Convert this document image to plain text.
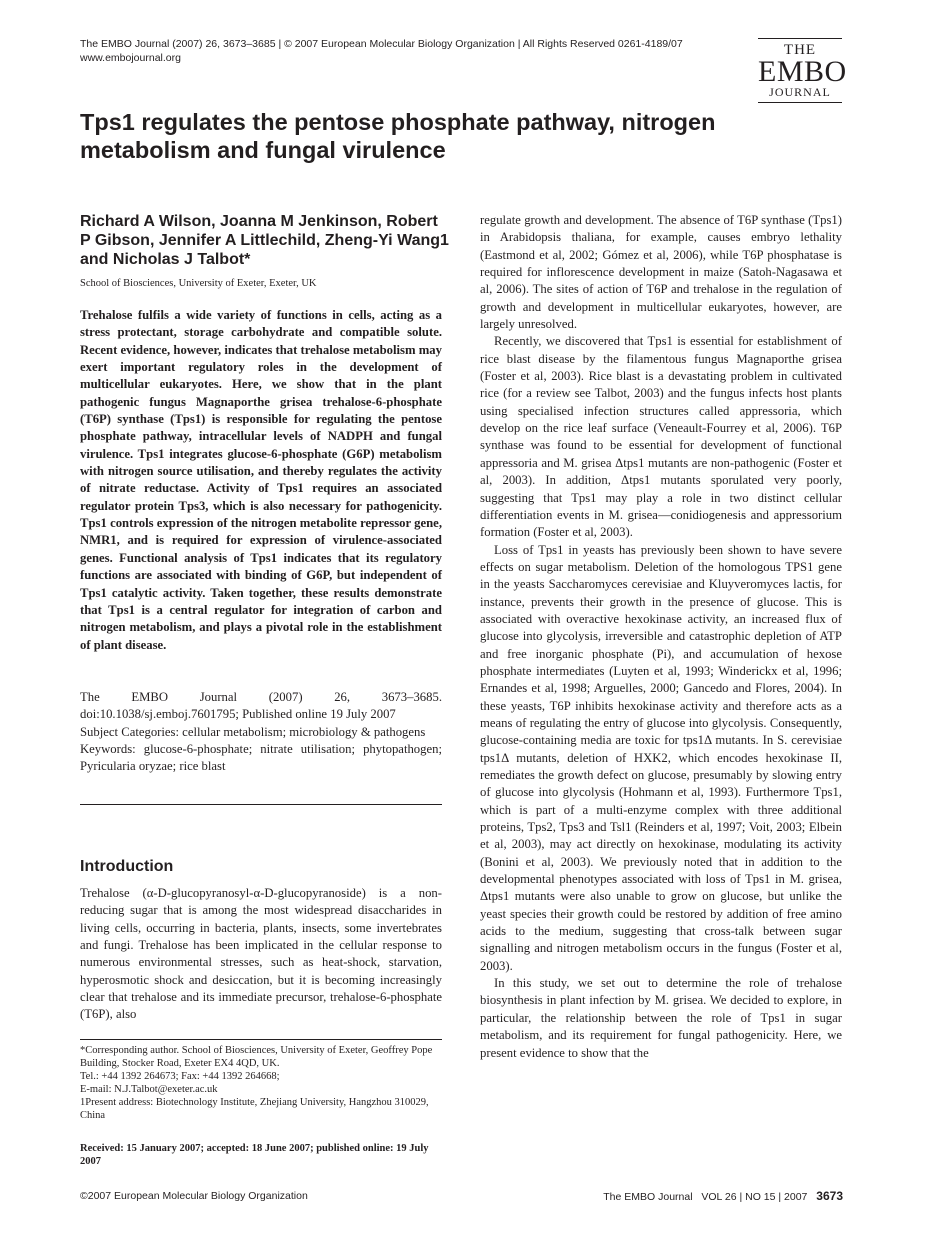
The EMBO Journal (2007) 26, 3673–3685 | © 2007 European Molecular Biology Organization | All Rights Reserved 0261-4189/07
www.embojournal.org	THE
EMBO
JOURNAL
Tps1 regulates the pentose phosphate pathway, nitrogen metabolism and fungal virulence
Richard A Wilson, Joanna M Jenkinson, Robert P Gibson, Jennifer A Littlechild, Zheng-Yi Wang1 and Nicholas J Talbot*
School of Biosciences, University of Exeter, Exeter, UK

Trehalose fulfils a wide variety of functions in cells, acting as a stress protectant, storage carbohydrate and compatible solute. Recent evidence, however, indicates that trehalose metabolism may exert important regulatory roles in the development of multicellular eukaryotes. Here, we show that in the plant pathogenic fungus Magnaporthe grisea trehalose-6-phosphate (T6P) synthase (Tps1) is responsible for regulating the pentose phosphate pathway, intracellular levels of NADPH and fungal virulence. Tps1 integrates glucose-6-phosphate (G6P) metabolism with nitrogen source utilisation, and thereby regulates the activity of nitrate reductase. Activity of Tps1 requires an associated regulator protein Tps3, which is also necessary for pathogenicity. Tps1 controls expression of the nitrogen metabolite repressor gene, NMR1, and is required for expression of virulence-associated genes. Functional analysis of Tps1 indicates that its regulatory functions are associated with binding of G6P, but independent of Tps1 catalytic activity. Taken together, these results demonstrate that Tps1 is a central regulator for integration of carbon and nitrogen metabolism, and plays a pivotal role in the establishment of plant disease.

The EMBO Journal (2007) 26, 3673–3685. doi:10.1038/sj.emboj.7601795; Published online 19 July 2007
Subject Categories: cellular metabolism; microbiology & pathogens
Keywords: glucose-6-phosphate; nitrate utilisation; phytopathogen; Pyricularia oryzae; rice blast
Introduction

Trehalose (α-D-glucopyranosyl-α-D-glucopyranoside) is a non-reducing sugar that is among the most widespread disaccharides in living cells, occurring in bacteria, plants, insects, some invertebrates and fungi. Trehalose has been implicated in the cellular response to numerous environmental stresses, such as heat-shock, starvation, hyperosmotic shock and desiccation, but it is becoming increasingly clear that trehalose and its immediate precursor, trehalose-6-phosphate (T6P), also

*Corresponding author. School of Biosciences, University of Exeter, Geoffrey Pope Building, Stocker Road, Exeter EX4 4QD, UK.
Tel.: +44 1392 264673; Fax: +44 1392 264668;
E-mail: N.J.Talbot@exeter.ac.uk
1Present address: Biotechnology Institute, Zhejiang University, Hangzhou 310029, China
Received: 15 January 2007; accepted: 18 June 2007; published online: 19 July 2007

regulate growth and development. The absence of T6P synthase (Tps1) in Arabidopsis thaliana, for example, causes embryo lethality (Eastmond et al, 2002; Gómez et al, 2006), while T6P phosphatase is required for inflorescence development in maize (Satoh-Nagasawa et al, 2006). The sites of action of T6P and trehalose in the regulation of growth and development in multicellular eukaryotes, however, are largely unresolved.

Recently, we discovered that Tps1 is essential for establishment of rice blast disease by the filamentous fungus Magnaporthe grisea (Foster et al, 2003). Rice blast is a devastating problem in cultivated rice (for a review see Talbot, 2003) and the fungus infects host plants using specialised infection structures called appressoria, which develop on the rice leaf surface (Veneault-Fourrey et al, 2006). T6P synthase was found to be essential for development of functional appressoria and M. grisea Δtps1 mutants are non-pathogenic (Foster et al, 2003). In addition, Δtps1 mutants sporulated very poorly, suggesting that Tps1 may play a role in two distinct cellular differentiation events in M. grisea—conidiogenesis and appressorium formation (Foster et al, 2003).

Loss of Tps1 in yeasts has previously been shown to have severe effects on sugar metabolism. Deletion of the homologous TPS1 gene in the yeasts Saccharomyces cerevisiae and Kluyveromyces lactis, for instance, prevents their growth in the presence of glucose. This is associated with overactive hexokinase activity, an increased flux of glucose into glycolysis, irreversible and catastrophic depletion of ATP and free inorganic phosphate (Pi), and accumulation of hexose phosphate intermediates (Luyten et al, 1993; Winderickx et al, 1996; Ernandes et al, 1998; Arguelles, 2000; Gancedo and Flores, 2004). In these yeasts, T6P inhibits hexokinase activity and therefore acts as a means of regulating the entry of glucose into glycolysis. Consequently, glucose-containing media are toxic for tps1Δ mutants. In S. cerevisiae tps1Δ mutants, deletion of HXK2, which encodes hexokinase II, remediates the growth defect on glucose, presumably by slowing entry of glucose into glycolysis (Hohmann et al, 1993). Furthermore Tps1, which is part of a multi-enzyme complex with three additional proteins, Tps2, Tps3 and Tsl1 (Reinders et al, 1997; Voit, 2003; Elbein et al, 2003), may act directly on hexokinase, modulating its activity (Bonini et al, 2003). We previously noted that in addition to the developmental phenotypes associated with loss of Tps1 in M. grisea, Δtps1 mutants were also unable to grow on glucose, but unlike the yeast species their growth could be restored by addition of free amino acids to the medium, suggesting that cross-talk between sugar signalling and nitrogen metabolism occurs in the fungus (Foster et al, 2003).

In this study, we set out to determine the role of trehalose biosynthesis in plant infection by M. grisea. We decided to explore, in particular, the relationship between the role of Tps1 in sugar metabolism, and its requirement for fungal pathogenicity. Here, we present evidence to show that the

©2007 European Molecular Biology Organization	The EMBO Journal VOL 26 | NO 15 | 2007 3673
